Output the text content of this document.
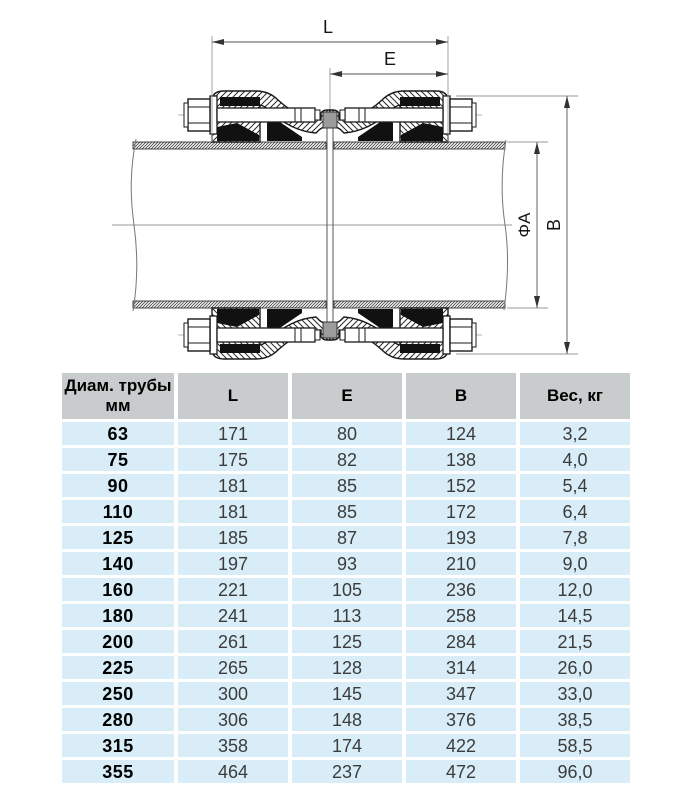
L
E
ΦA B
Диам. трубы
мм	L	E	B	Вес, кг
63	171	80	124	3,2
75	175	82	138	4,0
90	181	85	152	5,4
110	181	85	172	6,4
125	185	87	193	7,8
140	197	93	210	9,0
160	221	105	236	12,0
180	241	113	258	14,5
200	261	125	284	21,5
225	265	128	314	26,0
250	300	145	347	33,0
280	306	148	376	38,5
315	358	174	422	58,5
355	464	237	472	96,0
